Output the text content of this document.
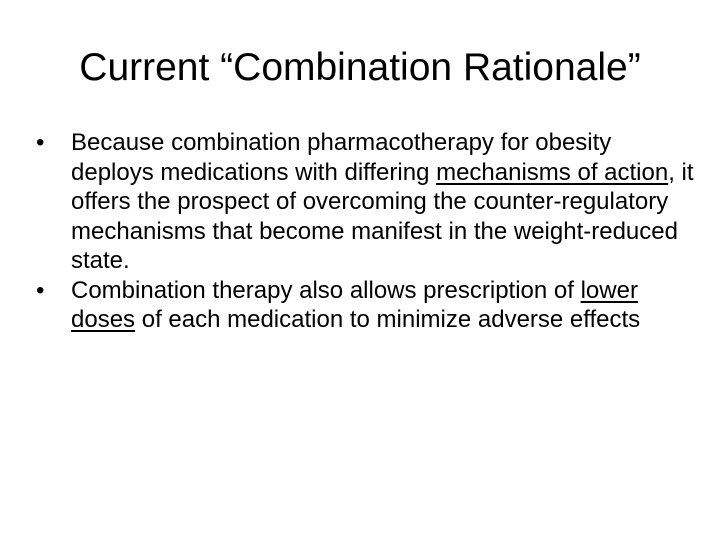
Current “Combination Rationale”
•	Because combination pharmacotherapy for obesity deploys medications with differing mechanisms of action, it offers the prospect of overcoming the counter-regulatory mechanisms that become manifest in the weight-reduced state.
•	Combination therapy also allows prescription of lower doses of each medication to minimize adverse effects
